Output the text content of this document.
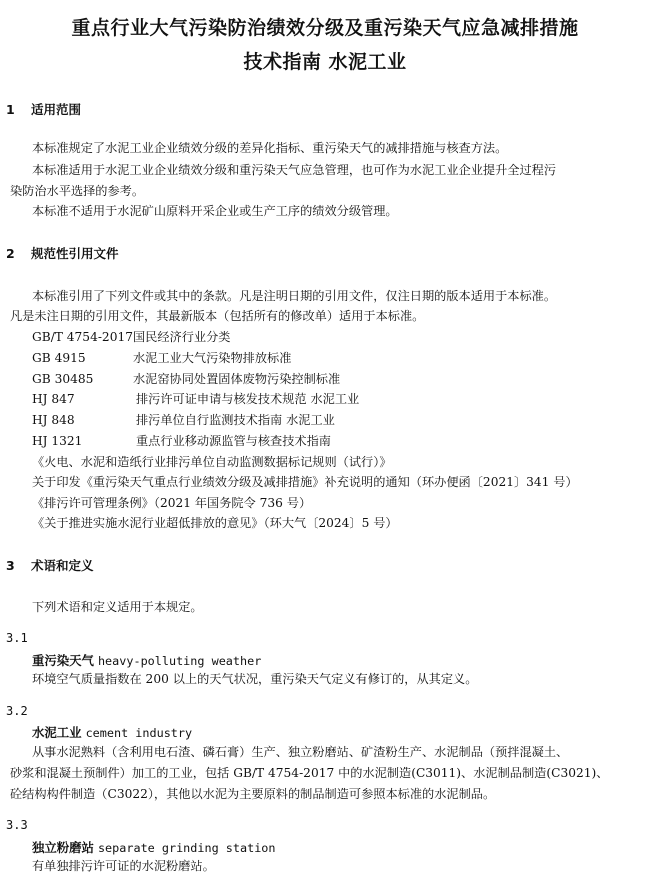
重点行业大气污染防治绩效分级及重污染天气应急减排措施
技术指南 水泥工业
1 适用范围
本标准规定了水泥工业企业绩效分级的差异化指标、重污染天气的减排措施与核查方法。
本标准适用于水泥工业企业绩效分级和重污染天气应急管理，也可作为水泥工业企业提升全过程污
染防治水平选择的参考。
本标准不适用于水泥矿山原料开采企业或生产工序的绩效分级管理。
2 规范性引用文件
本标准引用了下列文件或其中的条款。凡是注明日期的引用文件，仅注日期的版本适用于本标准。
凡是未注日期的引用文件，其最新版本（包括所有的修改单）适用于本标准。
GB/T 4754-2017国民经济行业分类
GB 4915	水泥工业大气污染物排放标准
GB 30485	水泥窑协同处置固体废物污染控制标准
HJ 847	排污许可证申请与核发技术规范 水泥工业
HJ 848	排污单位自行监测技术指南 水泥工业
HJ 1321	重点行业移动源监管与核查技术指南
《火电、水泥和造纸行业排污单位自动监测数据标记规则（试行）》
关于印发《重污染天气重点行业绩效分级及减排措施》补充说明的通知（环办便函〔2021〕341 号）
《排污许可管理条例》（2021 年国务院令 736 号）
《关于推进实施水泥行业超低排放的意见》（环大气〔2024〕5 号）
3 术语和定义
下列术语和定义适用于本规定。
3.1
重污染天气 heavy-polluting weather
环境空气质量指数在 200 以上的天气状况，重污染天气定义有修订的，从其定义。
3.2
水泥工业 cement industry
从事水泥熟料（含利用电石渣、磷石膏）生产、独立粉磨站、矿渣粉生产、水泥制品（预拌混凝土、
砂浆和混凝土预制件）加工的工业，包括 GB/T 4754-2017 中的水泥制造(C3011)、水泥制品制造(C3021)、
砼结构构件制造（C3022），其他以水泥为主要原料的制品制造可参照本标准的水泥制品。
3.3
独立粉磨站 separate grinding station
有单独排污许可证的水泥粉磨站。
